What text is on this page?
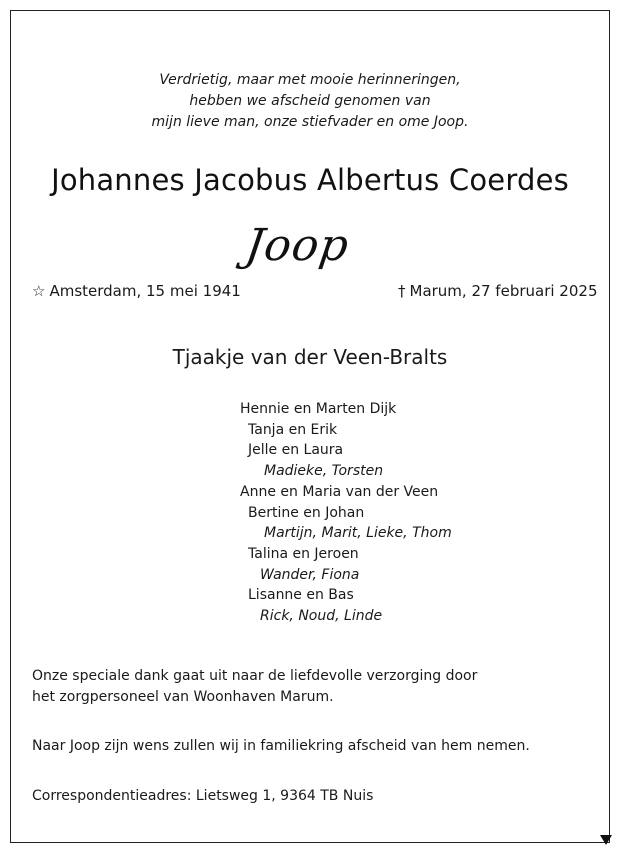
Verdrietig, maar met mooie herinneringen,
hebben we afscheid genomen van
mijn lieve man, onze stiefvader en ome Joop.
Johannes Jacobus Albertus Coerdes
Joop
☆ Amsterdam, 15 mei 1941	† Marum, 27 februari 2025
Tjaakje van der Veen-Bralts
Hennie en Marten Dijk
Tanja en Erik
Jelle en Laura
Madieke, Torsten
Anne en Maria van der Veen
Bertine en Johan
Martijn, Marit, Lieke, Thom
Talina en Jeroen
Wander, Fiona
Lisanne en Bas
Rick, Noud, Linde
Onze speciale dank gaat uit naar de liefdevolle verzorging door
het zorgpersoneel van Woonhaven Marum.
Naar Joop zijn wens zullen wij in familiekring afscheid van hem nemen.
Correspondentieadres: Lietsweg 1, 9364 TB Nuis
